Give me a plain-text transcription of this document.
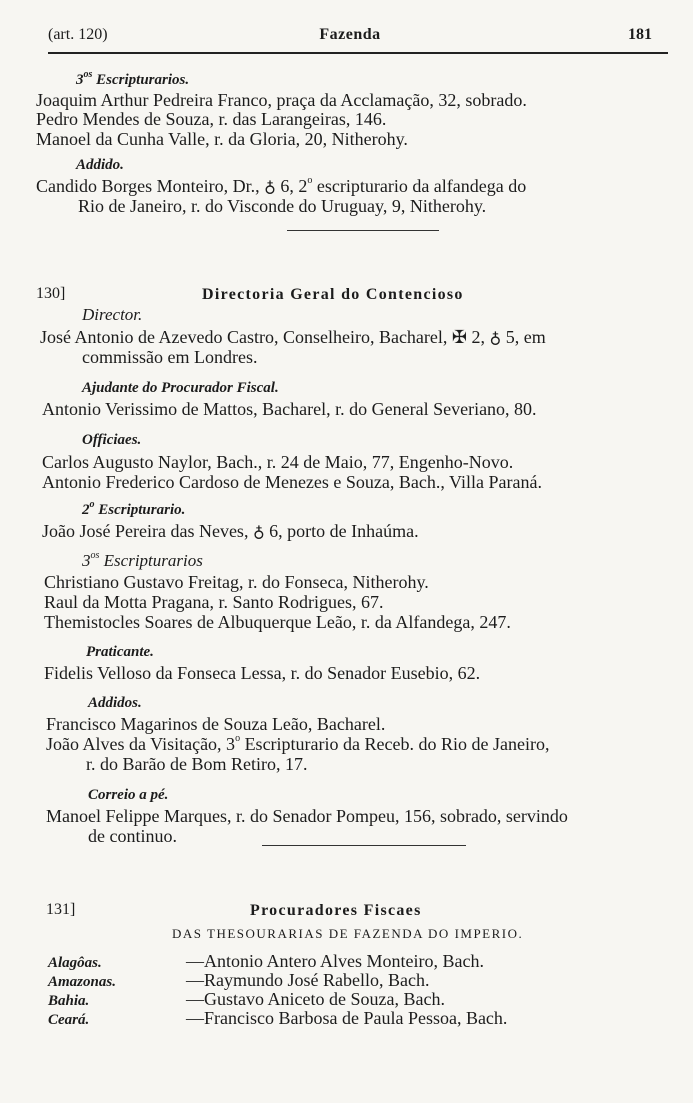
(art. 120)	Fazenda	181
$3^{os}$ Escripturarios.
Joaquim Arthur Pedreira Franco, praça da Acclamação, 32, sobrado.
Pedro Mendes de Souza, r. das Larangeiras, 146.
Manoel da Cunha Valle, r. da Gloria, 20, Nitherohy.
Addido.
Candido Borges Monteiro, Dr., ♁ 6, 2$^o$ escripturario da alfandega do
Rio de Janeiro, r. do Visconde do Uruguay, 9, Nitherohy.
130]	Directoria Geral do Contencioso
Director.
José Antonio de Azevedo Castro, Conselheiro, Bacharel, ✠ 2, ♁ 5, em
commissão em Londres.
Ajudante do Procurador Fiscal.
Antonio Verissimo de Mattos, Bacharel, r. do General Severiano, 80.
Officiaes.
Carlos Augusto Naylor, Bach., r. 24 de Maio, 77, Engenho-Novo.
Antonio Frederico Cardoso de Menezes e Souza, Bach., Villa Paraná.
2$^o$ Escripturario.
João José Pereira das Neves, ♁ 6, porto de Inhaúma.
$3^{os}$ Escripturarios
Christiano Gustavo Freitag, r. do Fonseca, Nitherohy.
Raul da Motta Pragana, r. Santo Rodrigues, 67.
Themistocles Soares de Albuquerque Leão, r. da Alfandega, 247.
Praticante.
Fidelis Velloso da Fonseca Lessa, r. do Senador Eusebio, 62.
Addidos.
Francisco Magarinos de Souza Leão, Bacharel.
João Alves da Visitação, 3$^o$ Escripturario da Receb. do Rio de Janeiro,
r. do Barão de Bom Retiro, 17.
Correio a pé.
Manoel Felippe Marques, r. do Senador Pompeu, 156, sobrado, servindo
de continuo.
131]	Procuradores Fiscaes
DAS THESOURARIAS DE FAZENDA DO IMPERIO.
Alagôas.	—Antonio Antero Alves Monteiro, Bach.
Amazonas.	—Raymundo José Rabello, Bach.
Bahia.	—Gustavo Aniceto de Souza, Bach.
Ceará.	—Francisco Barbosa de Paula Pessoa, Bach.
